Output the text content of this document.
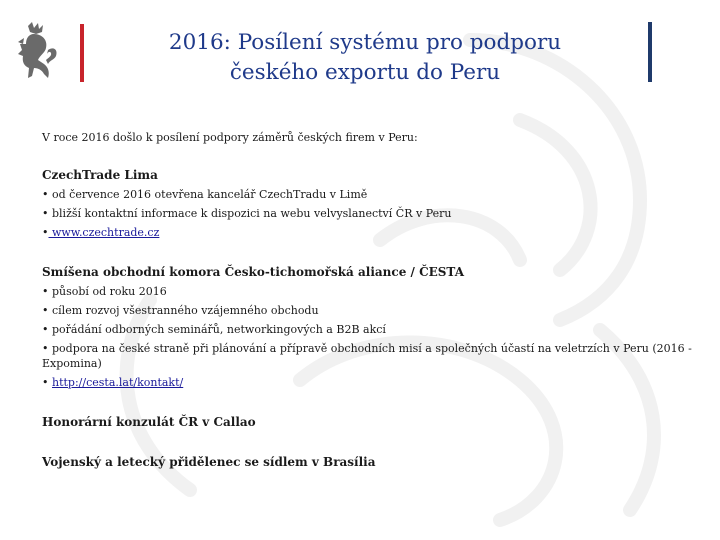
2016: Posílení systému pro podporu
českého exportu do Peru

V roce 2016 došlo k posílení podpory záměrů českých firem v Peru:

CzechTrade Lima

• od července 2016 otevřena kancelář CzechTradu v Limě

• bližší kontaktní informace k dispozici na webu velvyslanectví ČR v Peru

• www.czechtrade.cz

Smíšena obchodní komora Česko-tichomořská aliance / ČESTA

• působí od roku 2016

• cílem rozvoj všestranného vzájemného obchodu

• pořádání odborných seminářů, networkingových a B2B akcí

• podpora na české straně při plánování a přípravě obchodních misí a společných účastí na veletrzích v Peru (2016 - Expomina)

• http://cesta.lat/kontakt/

Honorární konzulát ČR v Callao

Vojenský a letecký přidělenec se sídlem v Brasília
